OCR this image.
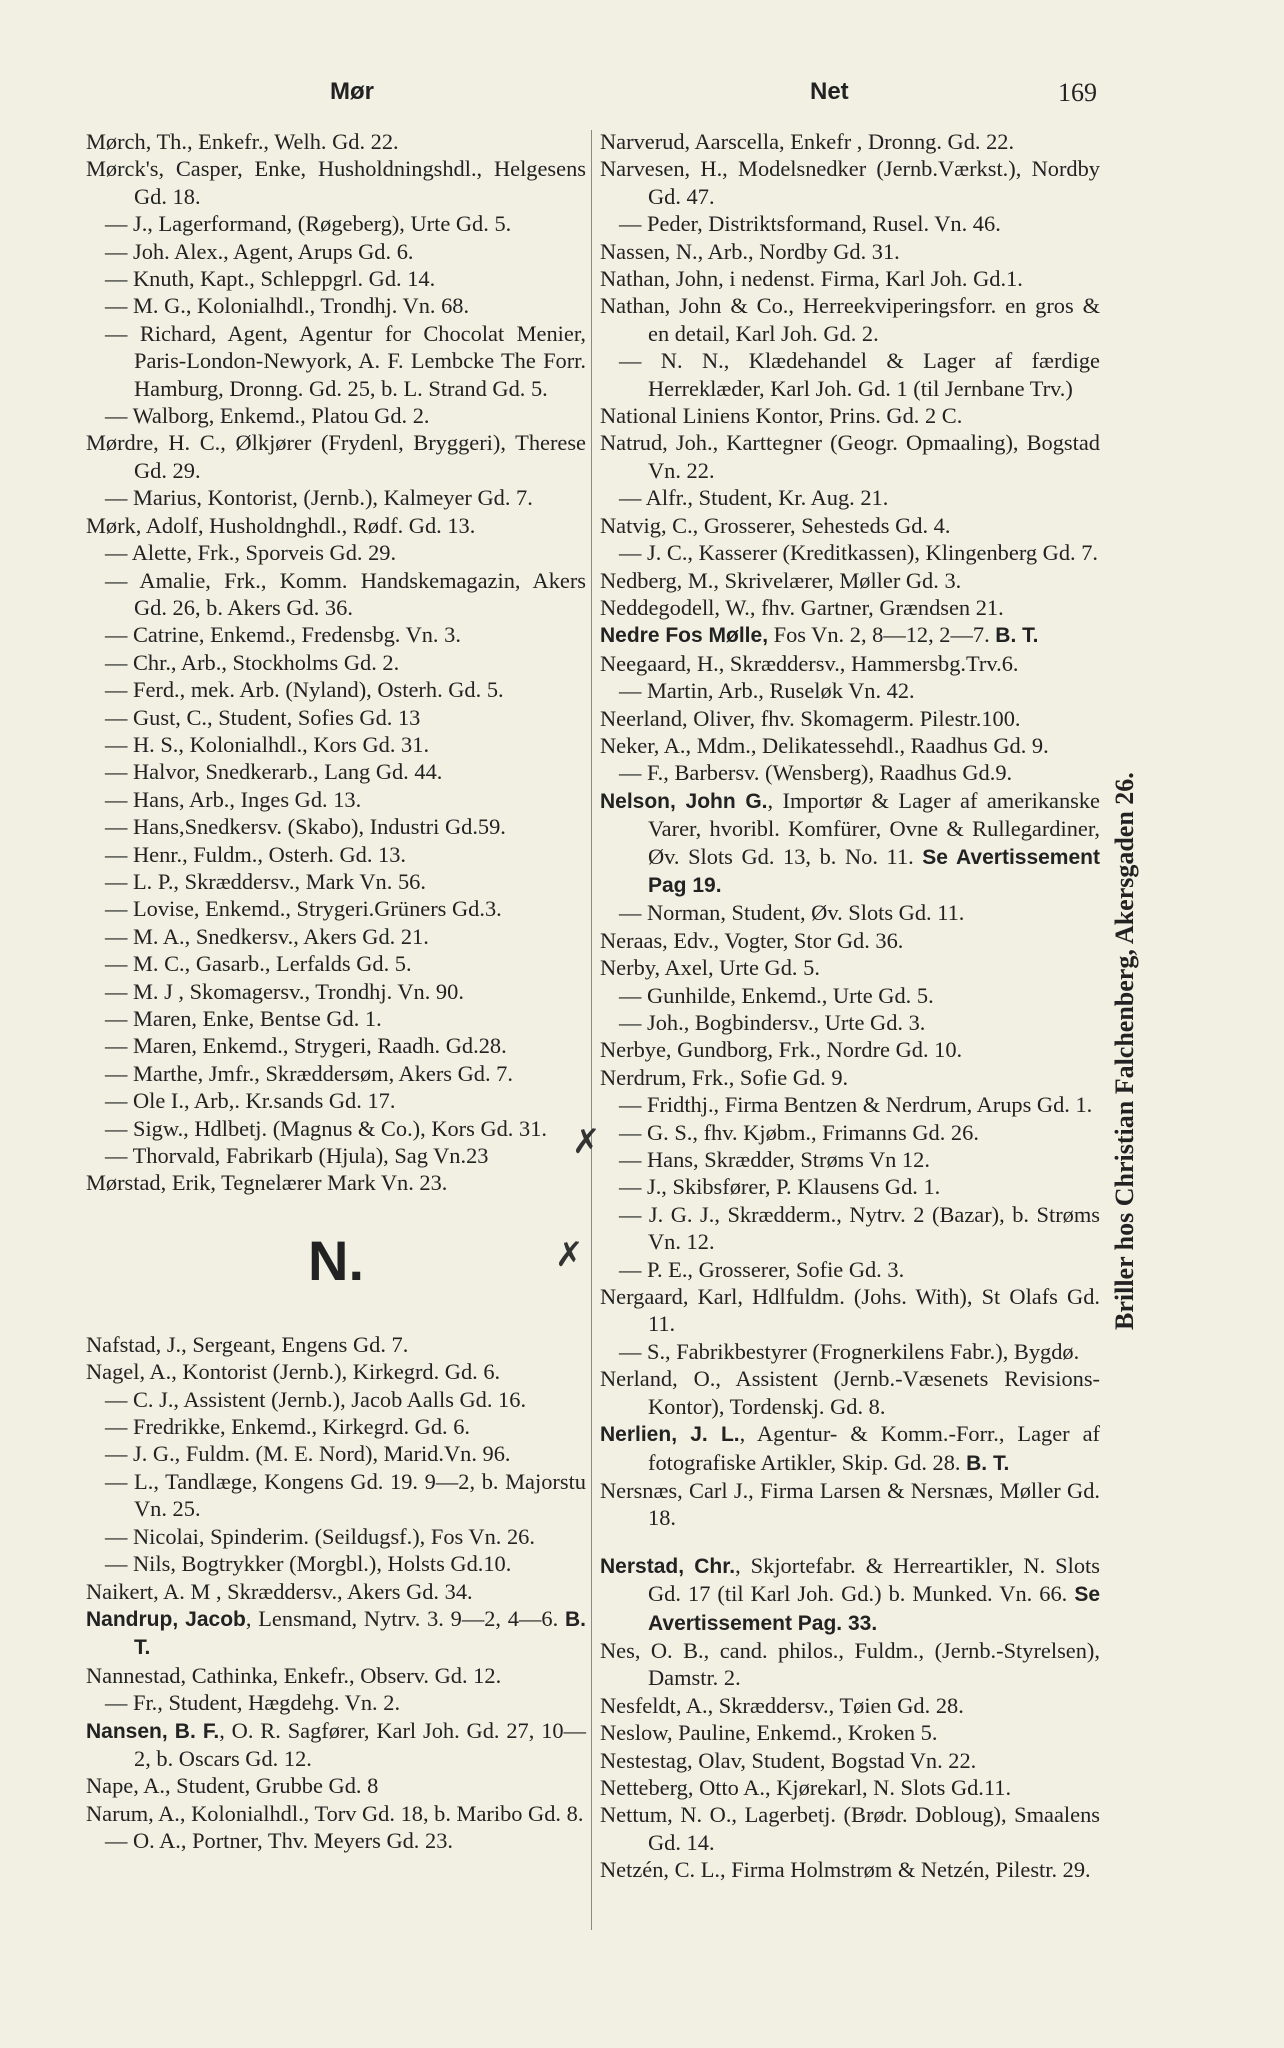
Mør	Net	169

Mørch, Th., Enkefr., Welh. Gd. 22.

Mørck's, Casper, Enke, Husholdningshdl., Helgesens Gd. 18.

— J., Lagerformand, (Røgeberg), Urte Gd. 5.

— Joh. Alex., Agent, Arups Gd. 6.

— Knuth, Kapt., Schleppgrl. Gd. 14.

— M. G., Kolonialhdl., Trondhj. Vn. 68.

— Richard, Agent, Agentur for Chocolat Menier, Paris-London-Newyork, A. F. Lembcke The Forr. Hamburg, Dronng. Gd. 25, b. L. Strand Gd. 5.

— Walborg, Enkemd., Platou Gd. 2.

Mørdre, H. C., Ølkjører (Frydenl, Bryggeri), Therese Gd. 29.

— Marius, Kontorist, (Jernb.), Kalmeyer Gd. 7.

Mørk, Adolf, Husholdnghdl., Rødf. Gd. 13.

— Alette, Frk., Sporveis Gd. 29.

— Amalie, Frk., Komm. Handskemagazin, Akers Gd. 26, b. Akers Gd. 36.

— Catrine, Enkemd., Fredensbg. Vn. 3.

— Chr., Arb., Stockholms Gd. 2.

— Ferd., mek. Arb. (Nyland), Osterh. Gd. 5.

— Gust, C., Student, Sofies Gd. 13

— H. S., Kolonialhdl., Kors Gd. 31.

— Halvor, Snedkerarb., Lang Gd. 44.

— Hans, Arb., Inges Gd. 13.

— Hans,Snedkersv. (Skabo), Industri Gd.59.

— Henr., Fuldm., Osterh. Gd. 13.

— L. P., Skræddersv., Mark Vn. 56.

— Lovise, Enkemd., Strygeri.Grüners Gd.3.

— M. A., Snedkersv., Akers Gd. 21.

— M. C., Gasarb., Lerfalds Gd. 5.

— M. J , Skomagersv., Trondhj. Vn. 90.

— Maren, Enke, Bentse Gd. 1.

— Maren, Enkemd., Strygeri, Raadh. Gd.28.

— Marthe, Jmfr., Skræddersøm, Akers Gd. 7.

— Ole I., Arb,. Kr.sands Gd. 17.

— Sigw., Hdlbetj. (Magnus & Co.), Kors Gd. 31.

— Thorvald, Fabrikarb (Hjula), Sag Vn.23

Mørstad, Erik, Tegnelærer Mark Vn. 23.

N.

Nafstad, J., Sergeant, Engens Gd. 7.

Nagel, A., Kontorist (Jernb.), Kirkegrd. Gd. 6.

— C. J., Assistent (Jernb.), Jacob Aalls Gd. 16.

— Fredrikke, Enkemd., Kirkegrd. Gd. 6.

— J. G., Fuldm. (M. E. Nord), Marid.Vn. 96.

— L., Tandlæge, Kongens Gd. 19. 9—2, b. Majorstu Vn. 25.

— Nicolai, Spinderim. (Seildugsf.), Fos Vn. 26.

— Nils, Bogtrykker (Morgbl.), Holsts Gd.10.

Naikert, A. M , Skræddersv., Akers Gd. 34.

Nandrup, Jacob, Lensmand, Nytrv. 3. 9—2, 4—6. B. T.

Nannestad, Cathinka, Enkefr., Observ. Gd. 12.

— Fr., Student, Hægdehg. Vn. 2.

Nansen, B. F., O. R. Sagfører, Karl Joh. Gd. 27, 10—2, b. Oscars Gd. 12.

Nape, A., Student, Grubbe Gd. 8

Narum, A., Kolonialhdl., Torv Gd. 18, b. Maribo Gd. 8.

— O. A., Portner, Thv. Meyers Gd. 23.

Narverud, Aarscella, Enkefr , Dronng. Gd. 22.

Narvesen, H., Modelsnedker (Jernb.Værkst.), Nordby Gd. 47.

— Peder, Distriktsformand, Rusel. Vn. 46.

Nassen, N., Arb., Nordby Gd. 31.

Nathan, John, i nedenst. Firma, Karl Joh. Gd.1.

Nathan, John & Co., Herreekviperingsforr. en gros & en detail, Karl Joh. Gd. 2.

— N. N., Klædehandel & Lager af færdige Herreklæder, Karl Joh. Gd. 1 (til Jernbane Trv.)

National Liniens Kontor, Prins. Gd. 2 C.

Natrud, Joh., Karttegner (Geogr. Opmaaling), Bogstad Vn. 22.

— Alfr., Student, Kr. Aug. 21.

Natvig, C., Grosserer, Sehesteds Gd. 4.

— J. C., Kasserer (Kreditkassen), Klingenberg Gd. 7.

Nedberg, M., Skrivelærer, Møller Gd. 3.

Neddegodell, W., fhv. Gartner, Grændsen 21.

Nedre Fos Mølle, Fos Vn. 2, 8—12, 2—7. B. T.

Neegaard, H., Skræddersv., Hammersbg.Trv.6.

— Martin, Arb., Ruseløk Vn. 42.

Neerland, Oliver, fhv. Skomagerm. Pilestr.100.

Neker, A., Mdm., Delikatessehdl., Raadhus Gd. 9.

— F., Barbersv. (Wensberg), Raadhus Gd.9.

Nelson, John G., Importør & Lager af amerikanske Varer, hvoribl. Komfürer, Ovne & Rullegardiner, Øv. Slots Gd. 13, b. No. 11. Se Avertissement Pag 19.

— Norman, Student, Øv. Slots Gd. 11.

Neraas, Edv., Vogter, Stor Gd. 36.

Nerby, Axel, Urte Gd. 5.

— Gunhilde, Enkemd., Urte Gd. 5.

— Joh., Bogbindersv., Urte Gd. 3.

Nerbye, Gundborg, Frk., Nordre Gd. 10.

Nerdrum, Frk., Sofie Gd. 9.

— Fridthj., Firma Bentzen & Nerdrum, Arups Gd. 1.

— G. S., fhv. Kjøbm., Frimanns Gd. 26.

— Hans, Skrædder, Strøms Vn 12.

— J., Skibsfører, P. Klausens Gd. 1.

— J. G. J., Skrædderm., Nytrv. 2 (Bazar), b. Strøms Vn. 12.

— P. E., Grosserer, Sofie Gd. 3.

Nergaard, Karl, Hdlfuldm. (Johs. With), St Olafs Gd. 11.

— S., Fabrikbestyrer (Frognerkilens Fabr.), Bygdø.

Nerland, O., Assistent (Jernb.-Væsenets Revisions-Kontor), Tordenskj. Gd. 8.

Nerlien, J. L., Agentur- & Komm.-Forr., Lager af fotografiske Artikler, Skip. Gd. 28. B. T.

Nersnæs, Carl J., Firma Larsen & Nersnæs, Møller Gd. 18.

Nerstad, Chr., Skjortefabr. & Herreartikler, N. Slots Gd. 17 (til Karl Joh. Gd.) b. Munked. Vn. 66. Se Avertissement Pag. 33.

Nes, O. B., cand. philos., Fuldm., (Jernb.-Styrelsen), Damstr. 2.

Nesfeldt, A., Skræddersv., Tøien Gd. 28.

Neslow, Pauline, Enkemd., Kroken 5.

Nestestag, Olav, Student, Bogstad Vn. 22.

Netteberg, Otto A., Kjørekarl, N. Slots Gd.11.

Nettum, N. O., Lagerbetj. (Brødr. Dobloug), Smaalens Gd. 14.

Netzén, C. L., Firma Holmstrøm & Netzén, Pilestr. 29.

Briller hos Christian Falchenberg, Akersgaden 26.
✗
✗
